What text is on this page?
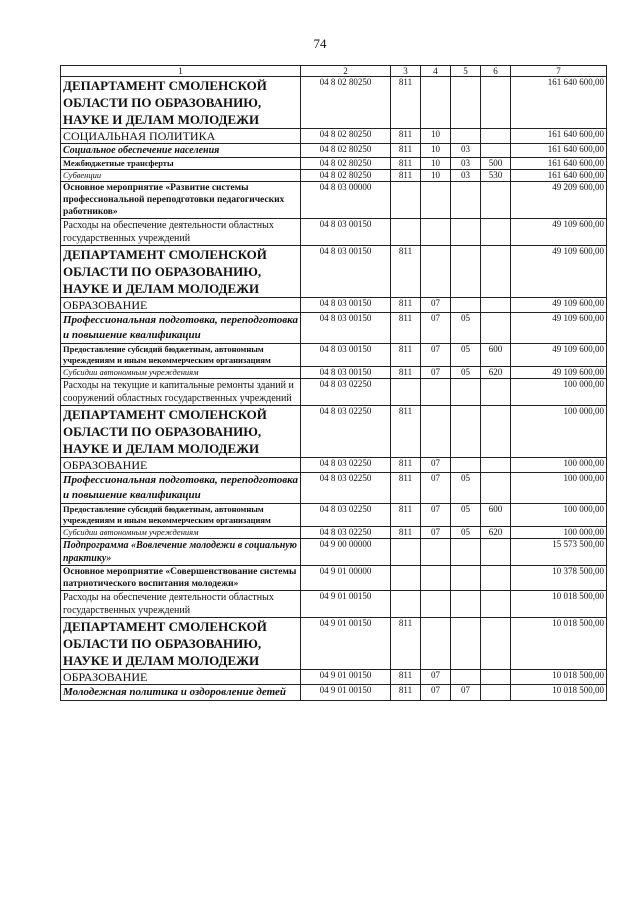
74
1	2	3	4	5	6	7
ДЕПАРТАМЕНТ СМОЛЕНСКОЙ ОБЛАСТИ ПО ОБРАЗОВАНИЮ, НАУКЕ И ДЕЛАМ МОЛОДЕЖИ	04 8 02 80250	811				161 640 600,00
СОЦИАЛЬНАЯ ПОЛИТИКА	04 8 02 80250	811	10			161 640 600,00
Социальное обеспечение населения	04 8 02 80250	811	10	03		161 640 600,00
Межбюджетные трансферты	04 8 02 80250	811	10	03	500	161 640 600,00
Субвенции	04 8 02 80250	811	10	03	530	161 640 600,00
Основное мероприятие «Развитие системы профессиональной переподготовки педагогических работников»	04 8 03 00000					49 209 600,00
Расходы на обеспечение деятельности областных государственных учреждений	04 8 03 00150					49 109 600,00
ДЕПАРТАМЕНТ СМОЛЕНСКОЙ ОБЛАСТИ ПО ОБРАЗОВАНИЮ, НАУКЕ И ДЕЛАМ МОЛОДЕЖИ	04 8 03 00150	811				49 109 600,00
ОБРАЗОВАНИЕ	04 8 03 00150	811	07			49 109 600,00
Профессиональная подготовка, переподготовка и повышение квалификации	04 8 03 00150	811	07	05		49 109 600,00
Предоставление субсидий бюджетным, автономным учреждениям и иным некоммерческим организациям	04 8 03 00150	811	07	05	600	49 109 600,00
Субсидии автономным учреждениям	04 8 03 00150	811	07	05	620	49 109 600,00
Расходы на текущие и капитальные ремонты зданий и сооружений областных государственных учреждений	04 8 03 02250					100 000,00
ДЕПАРТАМЕНТ СМОЛЕНСКОЙ ОБЛАСТИ ПО ОБРАЗОВАНИЮ, НАУКЕ И ДЕЛАМ МОЛОДЕЖИ	04 8 03 02250	811				100 000,00
ОБРАЗОВАНИЕ	04 8 03 02250	811	07			100 000,00
Профессиональная подготовка, переподготовка и повышение квалификации	04 8 03 02250	811	07	05		100 000,00
Предоставление субсидий бюджетным, автономным учреждениям и иным некоммерческим организациям	04 8 03 02250	811	07	05	600	100 000,00
Субсидии автономным учреждениям	04 8 03 02250	811	07	05	620	100 000,00
Подпрограмма «Вовлечение молодежи в социальную практику»	04 9 00 00000					15 573 500,00
Основное мероприятие «Совершенствование системы патриотического воспитания молодежи»	04 9 01 00000					10 378 500,00
Расходы на обеспечение деятельности областных государственных учреждений	04 9 01 00150					10 018 500,00
ДЕПАРТАМЕНТ СМОЛЕНСКОЙ ОБЛАСТИ ПО ОБРАЗОВАНИЮ, НАУКЕ И ДЕЛАМ МОЛОДЕЖИ	04 9 01 00150	811				10 018 500,00
ОБРАЗОВАНИЕ	04 9 01 00150	811	07			10 018 500,00
Молодежная политика и оздоровление детей	04 9 01 00150	811	07	07		10 018 500,00
